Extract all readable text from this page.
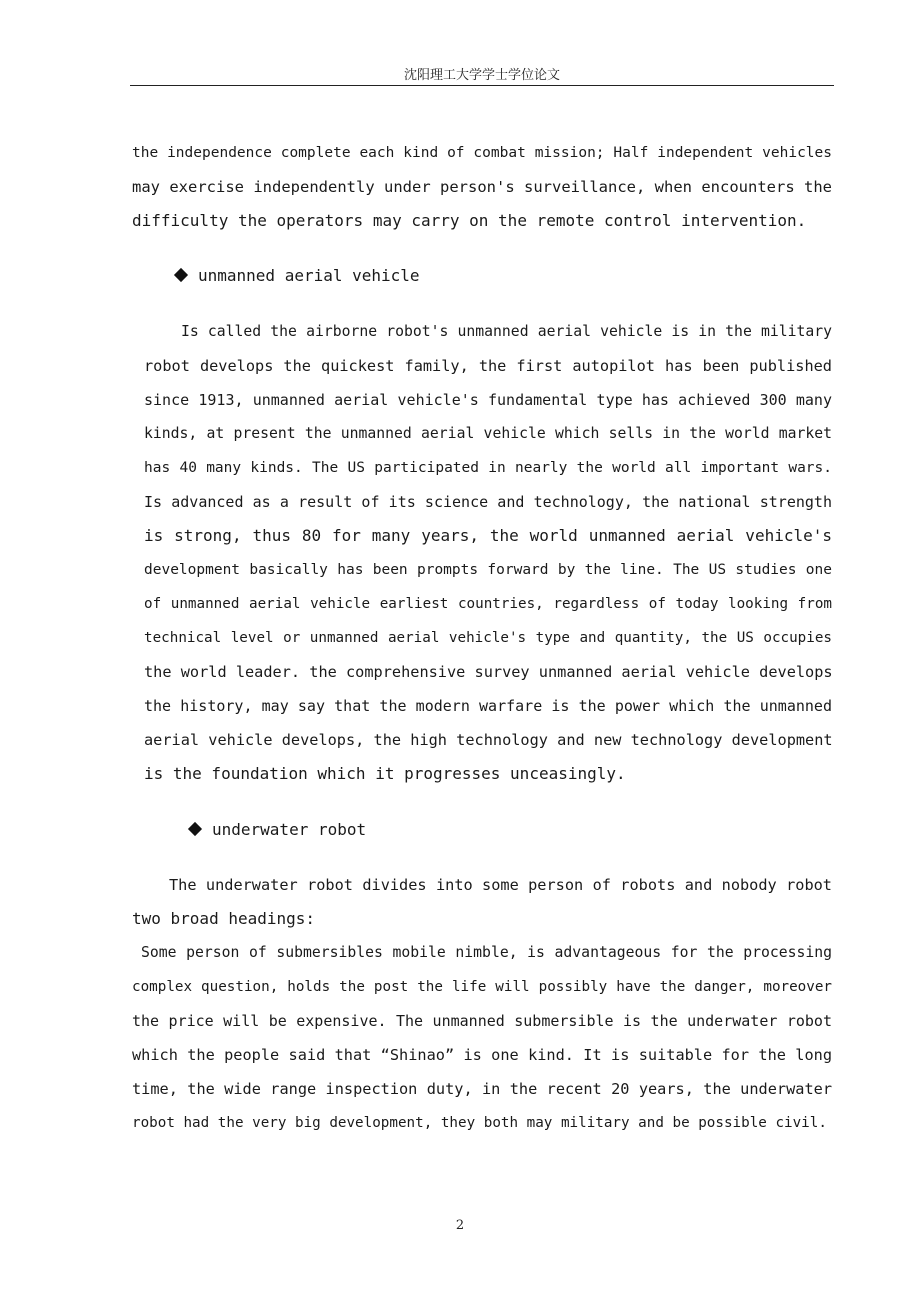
沈阳理工大学学士学位论文
the independence complete each kind of combat mission; Half independent vehicles
may exercise independently under person's surveillance, when encounters the
difficulty the operators may carry on the remote control intervention.
unmanned aerial vehicle
Is called the airborne robot's unmanned aerial vehicle is in the military
robot develops the quickest family, the first autopilot has been published
since 1913, unmanned aerial vehicle's fundamental type has achieved 300 many
kinds, at present the unmanned aerial vehicle which sells in the world market
has 40 many kinds. The US participated in nearly the world all important wars.
Is advanced as a result of its science and technology, the national strength
is strong, thus 80 for many years, the world unmanned aerial vehicle's
development basically has been prompts forward by the line. The US studies one
of unmanned aerial vehicle earliest countries, regardless of today looking from
technical level or unmanned aerial vehicle's type and quantity, the US occupies
the world leader. the comprehensive survey unmanned aerial vehicle develops
the history, may say that the modern warfare is the power which the unmanned
aerial vehicle develops, the high technology and new technology development
is the foundation which it progresses unceasingly.
underwater robot
The underwater robot divides into some person of robots and nobody robot
two broad headings:
Some person of submersibles mobile nimble, is advantageous for the processing
complex question, holds the post the life will possibly have the danger, moreover
the price will be expensive. The unmanned submersible is the underwater robot
which the people said that “Shinao” is one kind. It is suitable for the long
time, the wide range inspection duty, in the recent 20 years, the underwater
robot had the very big development, they both may military and be possible civil.
2
